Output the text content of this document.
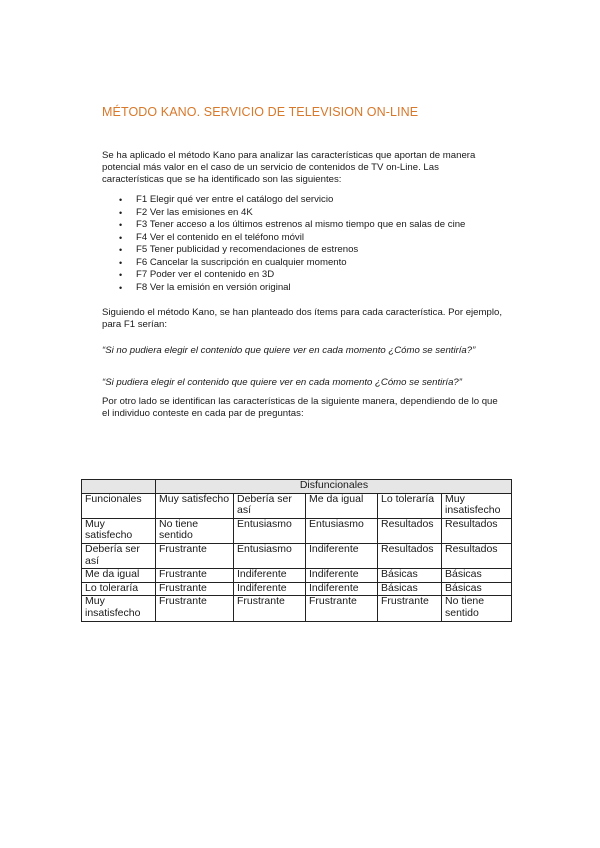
MÉTODO KANO. SERVICIO DE TELEVISION ON-LINE

Se ha aplicado el método Kano para analizar las características que aportan de manera potencial más valor en el caso de un servicio de contenidos de TV on-Line. Las características que se ha identificado son las siguientes:

• F1 Elegir qué ver entre el catálogo del servicio
• F2 Ver las emisiones en 4K
• F3 Tener acceso a los últimos estrenos al mismo tiempo que en salas de cine
• F4 Ver el contenido en el teléfono móvil
• F5 Tener publicidad y recomendaciones de estrenos
• F6 Cancelar la suscripción en cualquier momento
• F7 Poder ver el contenido en 3D
• F8 Ver la emisión en versión original

Siguiendo el método Kano, se han planteado dos ítems para cada característica. Por ejemplo, para F1 serían:

“Si no pudiera elegir el contenido que quiere ver en cada momento ¿Cómo se sentiría?”

“Si pudiera elegir el contenido que quiere ver en cada momento ¿Cómo se sentiría?”

Por otro lado se identifican las características de la siguiente manera, dependiendo de lo que el individuo conteste en cada par de preguntas:

	Disfuncionales				
Funcionales	Muy satisfecho	Debería ser así	Me da igual	Lo toleraría	Muy insatisfecho
Muy satisfecho	No tiene sentido	Entusiasmo	Entusiasmo	Resultados	Resultados
Debería ser así	Frustrante	Entusiasmo	Indiferente	Resultados	Resultados
Me da igual	Frustrante	Indiferente	Indiferente	Básicas	Básicas
Lo toleraría	Frustrante	Indiferente	Indiferente	Básicas	Básicas
Muy insatisfecho	Frustrante	Frustrante	Frustrante	Frustrante	No tiene sentido
